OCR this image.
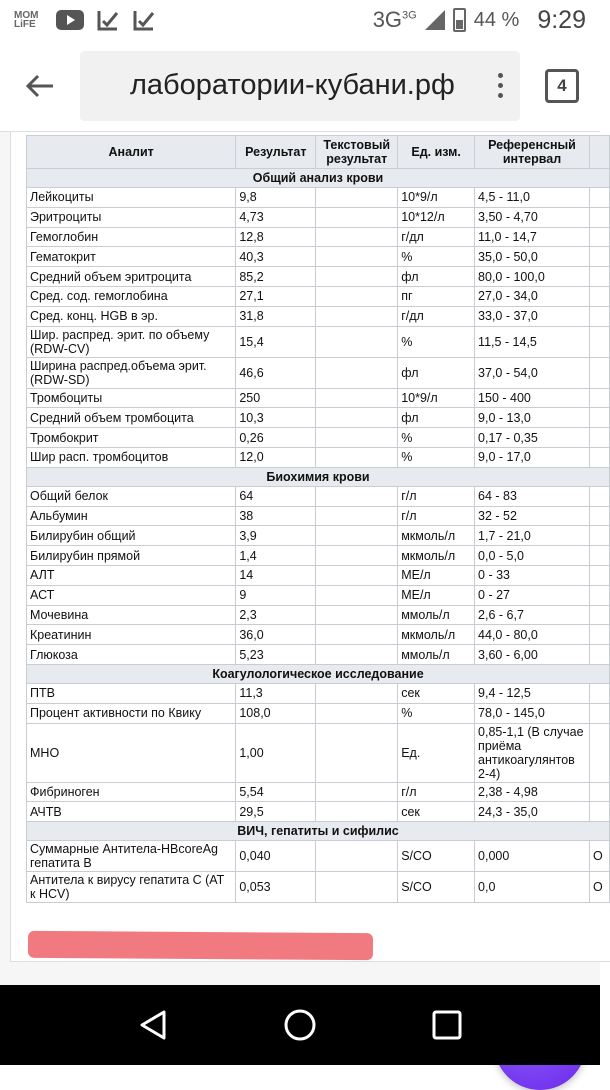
MOM LiFE	$3G^{3G}$	44 % 9:29
лаборатории-кубани.рф	4
Аналит	Результат	Текстовый результат	Ед. изм.	Референсный интервал	
Общий анализ крови					
Лейкоциты	9,8		10*9/л	4,5 - 11,0	
Эритроциты	4,73		10*12/л	3,50 - 4,70	
Гемоглобин	12,8		г/дл	11,0 - 14,7	
Гематокрит	40,3		%	35,0 - 50,0	
Средний объем эритроцита	85,2		фл	80,0 - 100,0	
Сред. сод. гемоглобина	27,1		пг	27,0 - 34,0	
Сред. конц. HGB в эр.	31,8		г/дл	33,0 - 37,0	
Шир. распред. эрит. по объему (RDW-CV)	15,4		%	11,5 - 14,5	
Ширина распред.объема эрит. (RDW-SD)	46,6		фл	37,0 - 54,0	
Тромбоциты	250		10*9/л	150 - 400	
Средний объем тромбоцита	10,3		фл	9,0 - 13,0	
Тромбокрит	0,26		%	0,17 - 0,35	
Шир расп. тромбоцитов	12,0		%	9,0 - 17,0	
Биохимия крови					
Общий белок	64		г/л	64 - 83	
Альбумин	38		г/л	32 - 52	
Билирубин общий	3,9		мкмоль/л	1,7 - 21,0	
Билирубин прямой	1,4		мкмоль/л	0,0 - 5,0	
АЛТ	14		МЕ/л	0 - 33	
АСТ	9		МЕ/л	0 - 27	
Мочевина	2,3		ммоль/л	2,6 - 6,7	
Креатинин	36,0		мкмоль/л	44,0 - 80,0	
Глюкоза	5,23		ммоль/л	3,60 - 6,00	
Коагулологическое исследование					
ПТВ	11,3		сек	9,4 - 12,5	
Процент активности по Квику	108,0		%	78,0 - 145,0	
МНО	1,00		Ед.	0,85-1,1 (В случае приёма антикоагулянтов 2-4)	
Фибриноген	5,54		г/л	2,38 - 4,98	
АЧТВ	29,5		сек	24,3 - 35,0	
ВИЧ, гепатиты и сифилис					
Суммарные Антитела-HBcoreAg гепатита B	0,040		S/CO	0,000	О
Антитела к вирусу гепатита С (АТ к HCV)	0,053		S/CO	0,0	О
